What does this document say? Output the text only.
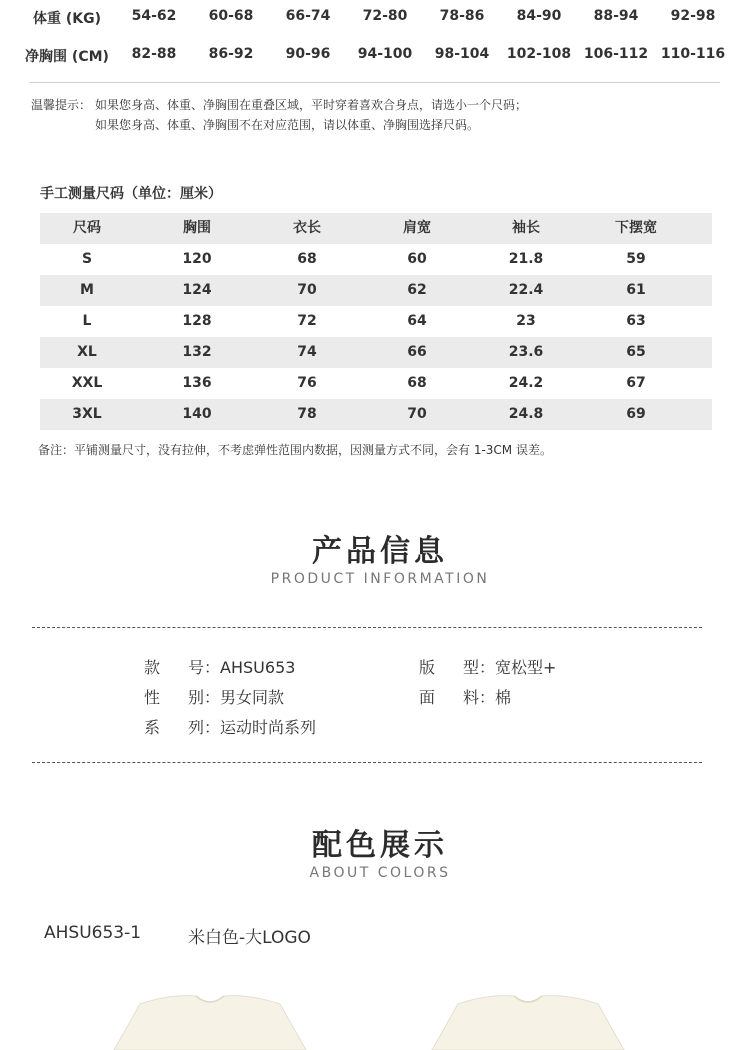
体重 (KG)	54-62	60-68	66-74	72-80	78-86	84-90	88-94	92-98
净胸围 (CM)	82-88	86-92	90-96	94-100	98-104	102-108 106-112 110-116
温馨提示： 如果您身高、体重、净胸围在重叠区域，平时穿着喜欢合身点，请选小一个尺码；
如果您身高、体重、净胸围不在对应范围，请以体重、净胸围选择尺码。
手工测量尺码（单位：厘米）
尺码	胸围	衣长	肩宽	袖长	下摆宽
S	120	68	60	21.8	59
M	124	70	62	22.4	61
L	128	72	64	23	63
XL	132	74	66	23.6	65
XXL	136	76	68	24.2	67
3XL	140	78	70	24.8	69
备注：平铺测量尺寸，没有拉伸，不考虑弹性范围内数据，因测量方式不同，会有 1-3CM 误差。
产品信息
PRODUCT INFORMATION
款 号：AHSU653
性 别：男女同款
系 列：运动时尚系列
版 型：宽松型+
面 料：棉
配色展示
ABOUT COLORS
AHSU653-1	米白色-大LOGO
